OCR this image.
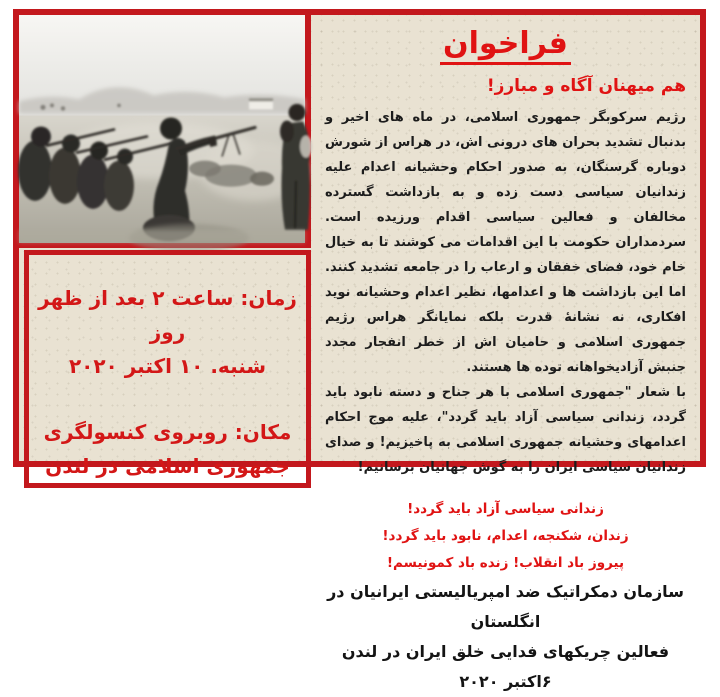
زمان: ساعت ۲ بعد از ظهر روز
شنبه. ۱۰ اکتبر ۲۰۲۰
مکان: روبروی کنسولگری
جمهوری اسلامی در لندن
فراخوان
هم میهنان آگاه و مبارز!

رژیم سرکوبگر جمهوری اسلامی، در ماه های اخیر و بدنبال تشدید بحران های درونی اش، در هراس از شورش دوباره گرسنگان، به صدور احکام وحشیانه اعدام علیه زندانیان سیاسی دست زده و به بازداشت گسترده مخالفان و فعالین سیاسی اقدام ورزیده است. سردمداران حکومت با این اقدامات می کوشند تا به خیال خام خود، فضای خفقان و ارعاب را در جامعه تشدید کنند. اما این بازداشت ها و اعدامها، نظیر اعدام وحشیانه نوید افکاری، نه نشانهٔ قدرت بلکه نمایانگر هراس رژیم جمهوری اسلامی و حامیان اش از خطر انفجار مجدد جنبش آزادیخواهانه توده ها هستند.

با شعار "جمهوری اسلامی با هر جناح و دسته نابود باید گردد، زندانی سیاسی آزاد باید گردد"، علیه موج احکام اعدامهای وحشیانه جمهوری اسلامی به پاخیزیم! و صدای زندانیان سیاسی ایران را به گوش جهانیان برسانیم!

زندانی سیاسی آزاد باید گردد!
زندان، شکنجه، اعدام، نابود باید گردد!
پیروز باد انقلاب! زنده باد کمونیسم!
سازمان دمکراتیک ضد امپریالیستی ایرانیان در انگلستان
فعالین چریکهای فدایی خلق ایران در لندن
۶اکتبر ۲۰۲۰
